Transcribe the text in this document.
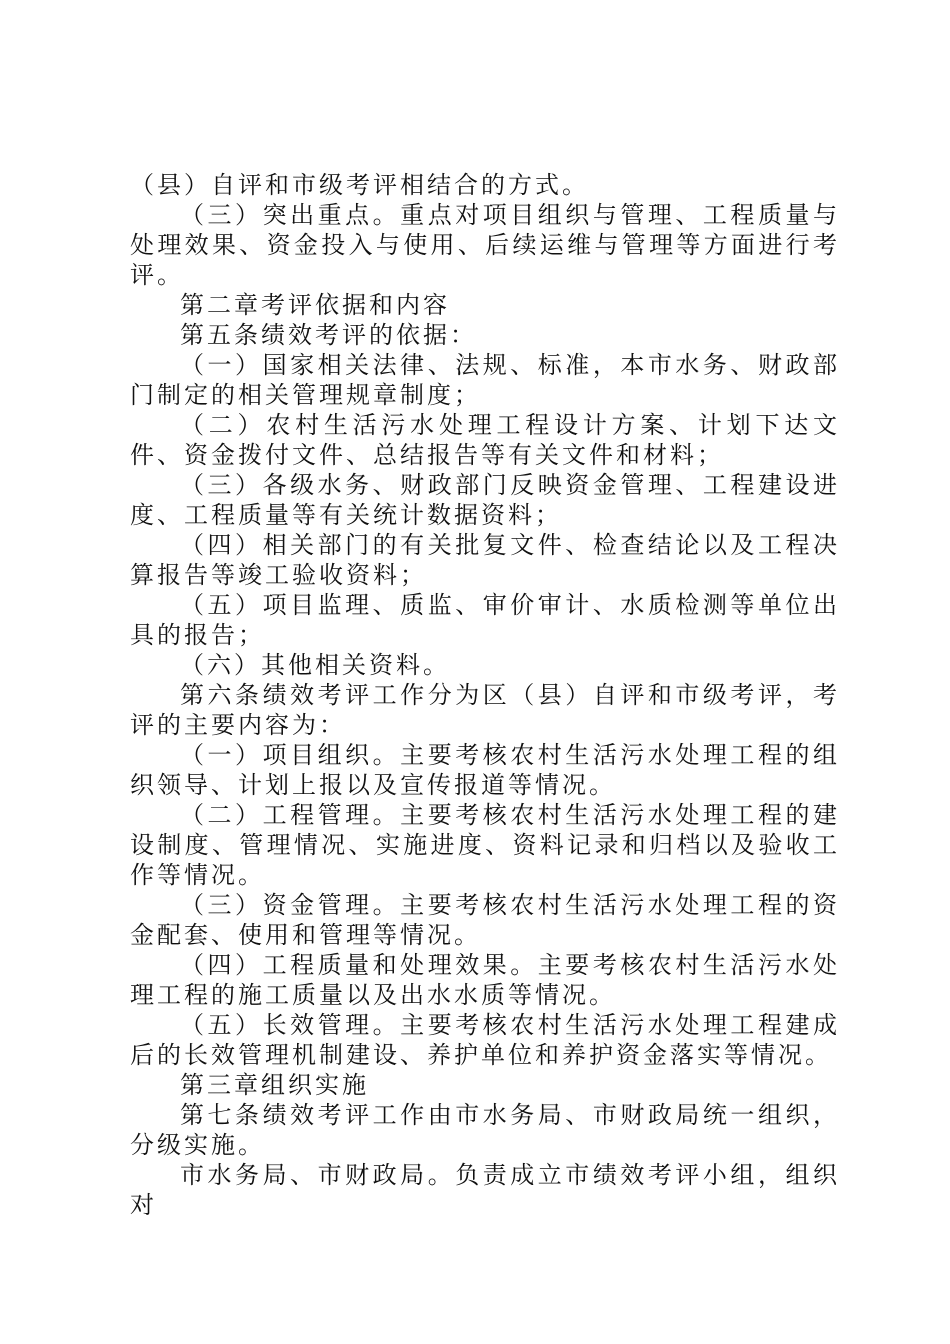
（县）自评和市级考评相结合的方式。

（三）突出重点。重点对项目组织与管理、工程质量与处理效果、资金投入与使用、后续运维与管理等方面进行考评。

第二章考评依据和内容

第五条绩效考评的依据：

（一）国家相关法律、法规、标准，本市水务、财政部门制定的相关管理规章制度；

（二）农村生活污水处理工程设计方案、计划下达文件、资金拨付文件、总结报告等有关文件和材料；

（三）各级水务、财政部门反映资金管理、工程建设进度、工程质量等有关统计数据资料；

（四）相关部门的有关批复文件、检查结论以及工程决算报告等竣工验收资料；

（五）项目监理、质监、审价审计、水质检测等单位出具的报告；

（六）其他相关资料。

第六条绩效考评工作分为区（县）自评和市级考评，考评的主要内容为：

（一）项目组织。主要考核农村生活污水处理工程的组织领导、计划上报以及宣传报道等情况。

（二）工程管理。主要考核农村生活污水处理工程的建设制度、管理情况、实施进度、资料记录和归档以及验收工作等情况。

（三）资金管理。主要考核农村生活污水处理工程的资金配套、使用和管理等情况。

（四）工程质量和处理效果。主要考核农村生活污水处理工程的施工质量以及出水水质等情况。

（五）长效管理。主要考核农村生活污水处理工程建成后的长效管理机制建设、养护单位和养护资金落实等情况。

第三章组织实施

第七条绩效考评工作由市水务局、市财政局统一组织，分级实施。

市水务局、市财政局。负责成立市绩效考评小组，组织对
